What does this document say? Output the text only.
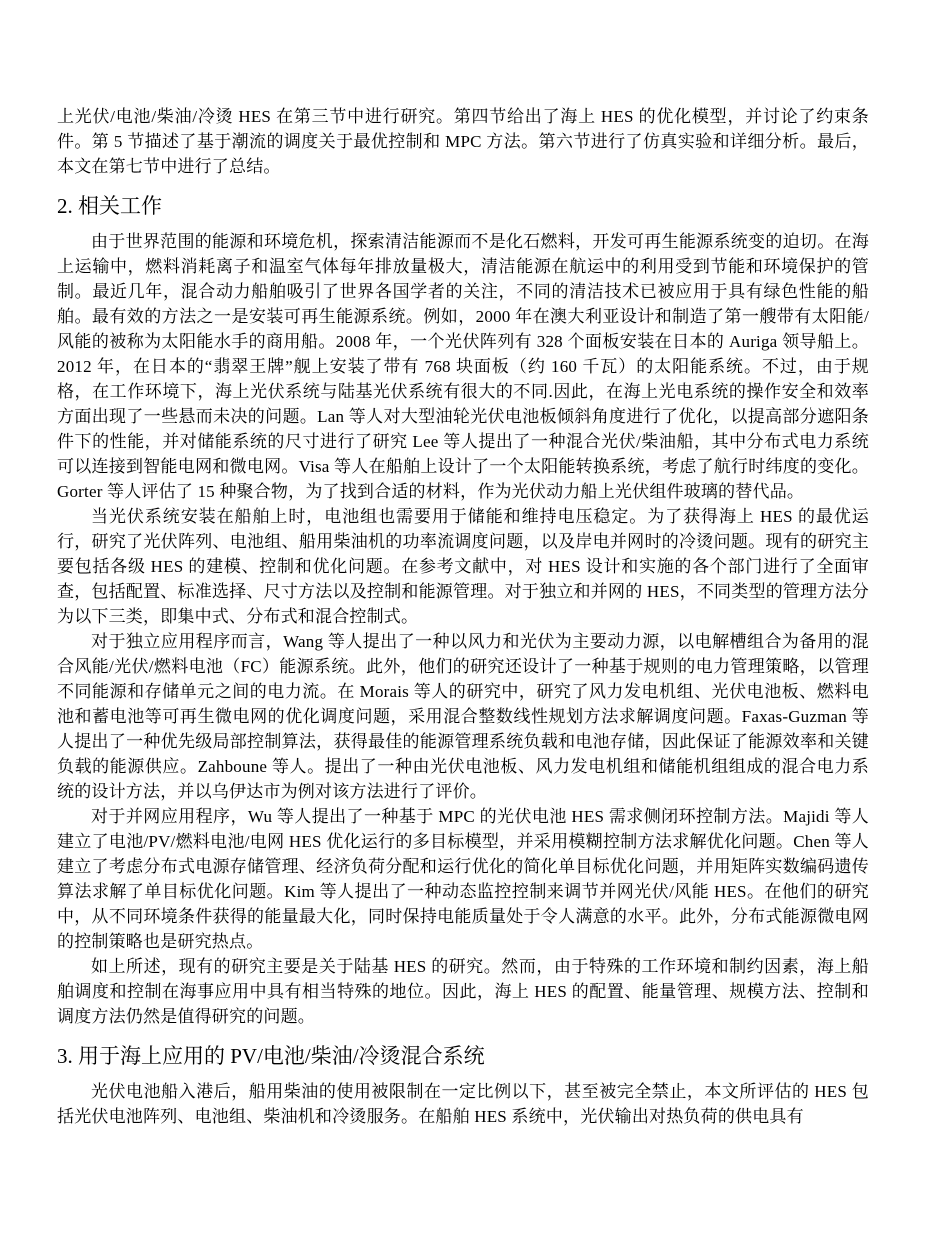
上光伏/电池/柴油/冷烫 HES 在第三节中进行研究。第四节给出了海上 HES 的优化模型，并讨论了约束条件。第 5 节描述了基于潮流的调度关于最优控制和 MPC 方法。第六节进行了仿真实验和详细分析。最后，本文在第七节中进行了总结。

2. 相关工作

由于世界范围的能源和环境危机，探索清洁能源而不是化石燃料，开发可再生能源系统变的迫切。在海上运输中，燃料消耗离子和温室气体每年排放量极大，清洁能源在航运中的利用受到节能和环境保护的管制。最近几年，混合动力船舶吸引了世界各国学者的关注，不同的清洁技术已被应用于具有绿色性能的船舶。最有效的方法之一是安装可再生能源系统。例如，2000 年在澳大利亚设计和制造了第一艘带有太阳能/风能的被称为太阳能水手的商用船。2008 年，一个光伏阵列有 328 个面板安装在日本的 Auriga 领导船上。2012 年，在日本的“翡翠王牌”舰上安装了带有 768 块面板（约 160 千瓦）的太阳能系统。不过，由于规格，在工作环境下，海上光伏系统与陆基光伏系统有很大的不同.因此，在海上光电系统的操作安全和效率方面出现了一些悬而未决的问题。Lan 等人对大型油轮光伏电池板倾斜角度进行了优化，以提高部分遮阳条件下的性能，并对储能系统的尺寸进行了研究 Lee 等人提出了一种混合光伏/柴油船，其中分布式电力系统可以连接到智能电网和微电网。Visa 等人在船舶上设计了一个太阳能转换系统，考虑了航行时纬度的变化。Gorter 等人评估了 15 种聚合物，为了找到合适的材料，作为光伏动力船上光伏组件玻璃的替代品。

当光伏系统安装在船舶上时，电池组也需要用于储能和维持电压稳定。为了获得海上 HES 的最优运行，研究了光伏阵列、电池组、船用柴油机的功率流调度问题，以及岸电并网时的冷烫问题。现有的研究主要包括各级 HES 的建模、控制和优化问题。在参考文献中，对 HES 设计和实施的各个部门进行了全面审查，包括配置、标准选择、尺寸方法以及控制和能源管理。对于独立和并网的 HES，不同类型的管理方法分为以下三类，即集中式、分布式和混合控制式。

对于独立应用程序而言，Wang 等人提出了一种以风力和光伏为主要动力源，以电解槽组合为备用的混合风能/光伏/燃料电池（FC）能源系统。此外，他们的研究还设计了一种基于规则的电力管理策略，以管理不同能源和存储单元之间的电力流。在 Morais 等人的研究中，研究了风力发电机组、光伏电池板、燃料电池和蓄电池等可再生微电网的优化调度问题，采用混合整数线性规划方法求解调度问题。Faxas-Guzman 等人提出了一种优先级局部控制算法，获得最佳的能源管理系统负载和电池存储，因此保证了能源效率和关键负载的能源供应。Zahboune 等人。提出了一种由光伏电池板、风力发电机组和储能机组组成的混合电力系统的设计方法，并以乌伊达市为例对该方法进行了评价。

对于并网应用程序，Wu 等人提出了一种基于 MPC 的光伏电池 HES 需求侧闭环控制方法。Majidi 等人建立了电池/PV/燃料电池/电网 HES 优化运行的多目标模型，并采用模糊控制方法求解优化问题。Chen 等人建立了考虑分布式电源存储管理、经济负荷分配和运行优化的简化单目标优化问题，并用矩阵实数编码遗传算法求解了单目标优化问题。Kim 等人提出了一种动态监控控制来调节并网光伏/风能 HES。在他们的研究中，从不同环境条件获得的能量最大化，同时保持电能质量处于令人满意的水平。此外，分布式能源微电网的控制策略也是研究热点。

如上所述，现有的研究主要是关于陆基 HES 的研究。然而，由于特殊的工作环境和制约因素，海上船舶调度和控制在海事应用中具有相当特殊的地位。因此，海上 HES 的配置、能量管理、规模方法、控制和调度方法仍然是值得研究的问题。

3. 用于海上应用的 PV/电池/柴油/冷烫混合系统

光伏电池船入港后，船用柴油的使用被限制在一定比例以下，甚至被完全禁止，本文所评估的 HES 包括光伏电池阵列、电池组、柴油机和冷烫服务。在船舶 HES 系统中，光伏输出对热负荷的供电具有
